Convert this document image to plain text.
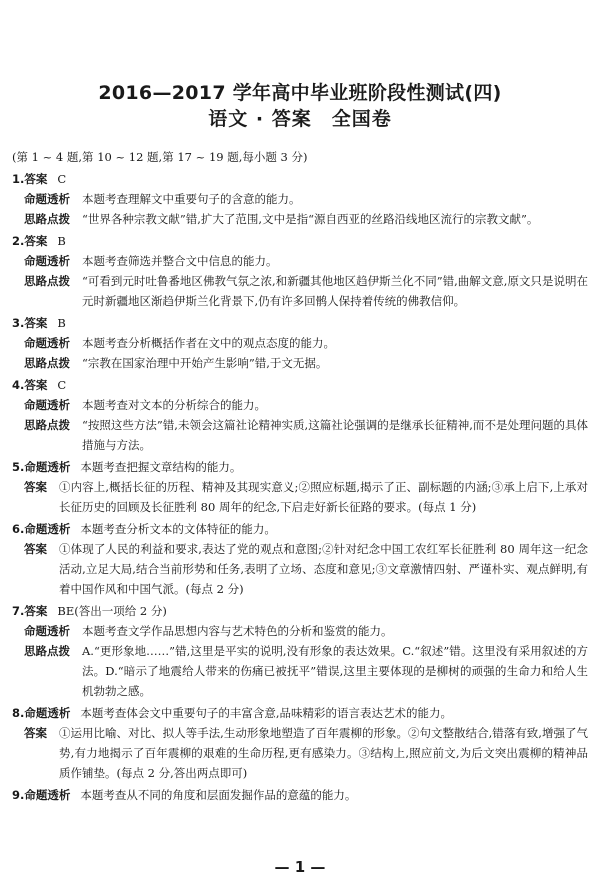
2016—2017 学年高中毕业班阶段性测试(四)
语文 · 答案　全国卷
(第 1 ~ 4 题,第 10 ~ 12 题,第 17 ~ 19 题,每小题 3 分)
1.答案 C
命题透析 本题考查理解文中重要句子的含意的能力。
思路点拨 “世界各种宗教文献”错,扩大了范围,文中是指“源自西亚的丝路沿线地区流行的宗教文献”。
2.答案 B
命题透析 本题考查筛选并整合文中信息的能力。
思路点拨 “可看到元时吐鲁番地区佛教气氛之浓,和新疆其他地区趋伊斯兰化不同”错,曲解文意,原文只是说明在元时新疆地区渐趋伊斯兰化背景下,仍有许多回鹘人保持着传统的佛教信仰。
3.答案 B
命题透析 本题考查分析概括作者在文中的观点态度的能力。
思路点拨 “宗教在国家治理中开始产生影响”错,于文无据。
4.答案 C
命题透析 本题考查对文本的分析综合的能力。
思路点拨 “按照这些方法”错,未领会这篇社论精神实质,这篇社论强调的是继承长征精神,而不是处理问题的具体措施与方法。
5.命题透析 本题考查把握文章结构的能力。
答案 ①内容上,概括长征的历程、精神及其现实意义;②照应标题,揭示了正、副标题的内涵;③承上启下,上承对长征历史的回顾及长征胜利 80 周年的纪念,下启走好新长征路的要求。(每点 1 分)
6.命题透析 本题考查分析文本的文体特征的能力。
答案 ①体现了人民的利益和要求,表达了党的观点和意图;②针对纪念中国工农红军长征胜利 80 周年这一纪念活动,立足大局,结合当前形势和任务,表明了立场、态度和意见;③文章激情四射、严谨朴实、观点鲜明,有着中国作风和中国气派。(每点 2 分)
7.答案 BE(答出一项给 2 分)
命题透析 本题考查文学作品思想内容与艺术特色的分析和鉴赏的能力。
思路点拨 A.“更形象地……”错,这里是平实的说明,没有形象的表达效果。C.“叙述”错。这里没有采用叙述的方法。D.“暗示了地震给人带来的伤痛已被抚平”错误,这里主要体现的是柳树的顽强的生命力和给人生机勃勃之感。
8.命题透析 本题考查体会文中重要句子的丰富含意,品味精彩的语言表达艺术的能力。
答案 ①运用比喻、对比、拟人等手法,生动形象地塑造了百年震柳的形象。②句文整散结合,错落有致,增强了气势,有力地揭示了百年震柳的艰难的生命历程,更有感染力。③结构上,照应前文,为后文突出震柳的精神品质作铺垫。(每点 2 分,答出两点即可)
9.命题透析 本题考查从不同的角度和层面发掘作品的意蕴的能力。
— 1 —
